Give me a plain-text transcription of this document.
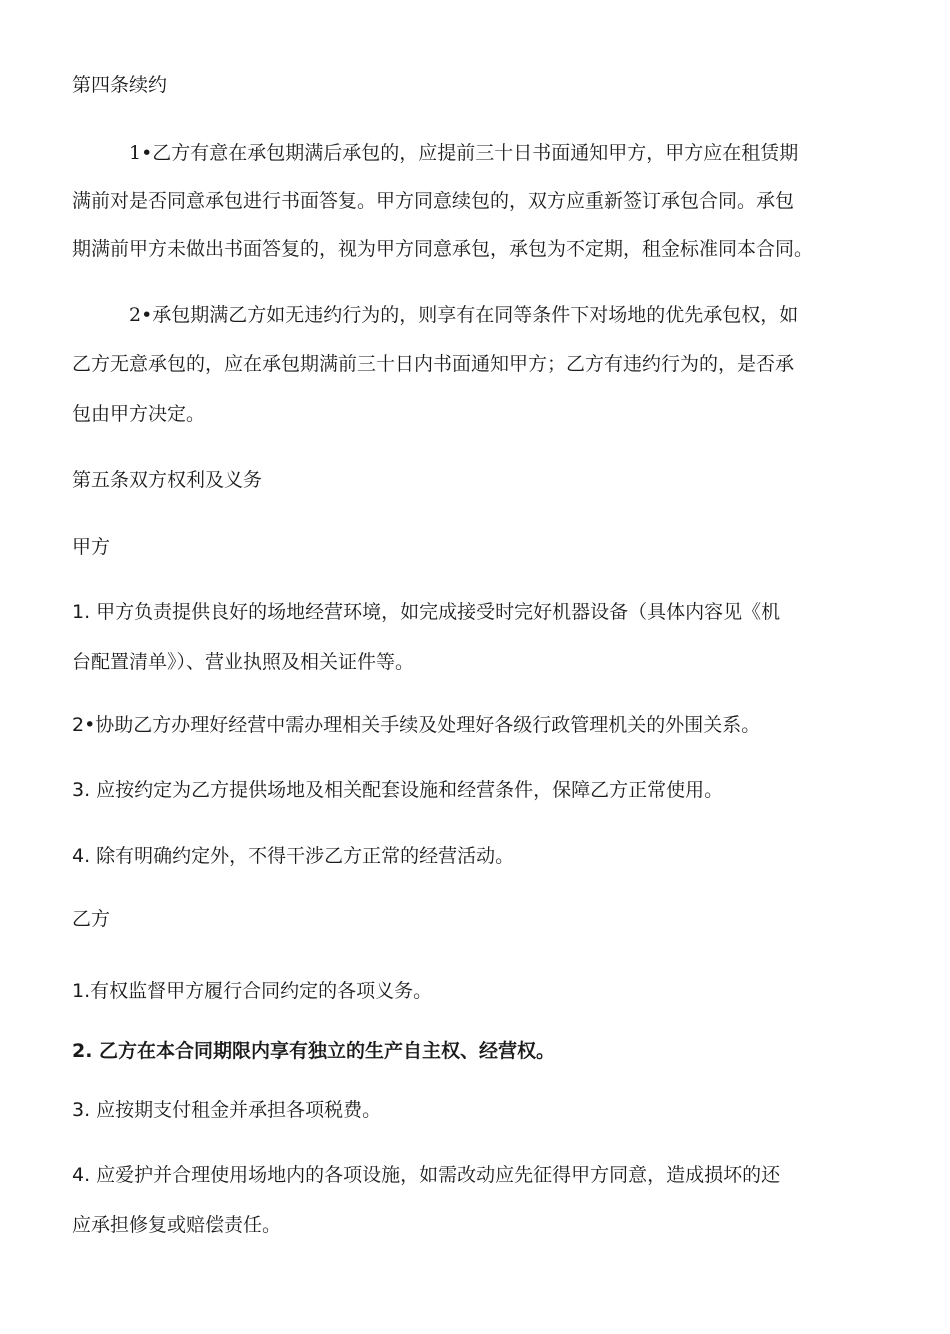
第四条续约
1•乙方有意在承包期满后承包的，应提前三十日书面通知甲方，甲方应在租赁期
满前对是否同意承包进行书面答复。甲方同意续包的，双方应重新签订承包合同。承包
期满前甲方未做出书面答复的，视为甲方同意承包，承包为不定期，租金标准同本合同。
2•承包期满乙方如无违约行为的，则享有在同等条件下对场地的优先承包权，如
乙方无意承包的，应在承包期满前三十日内书面通知甲方；乙方有违约行为的，是否承
包由甲方决定。
第五条双方权利及义务
甲方
1. 甲方负责提供良好的场地经营环境，如完成接受时完好机器设备（具体内容见《机
台配置清单》）、营业执照及相关证件等。
2•协助乙方办理好经营中需办理相关手续及处理好各级行政管理机关的外围关系。
3. 应按约定为乙方提供场地及相关配套设施和经营条件，保障乙方正常使用。
4. 除有明确约定外，不得干涉乙方正常的经营活动。
乙方
1.有权监督甲方履行合同约定的各项义务。
2. 乙方在本合同期限内享有独立的生产自主权、经营权。
3. 应按期支付租金并承担各项税费。
4. 应爱护并合理使用场地内的各项设施，如需改动应先征得甲方同意，造成损坏的还
应承担修复或赔偿责任。
